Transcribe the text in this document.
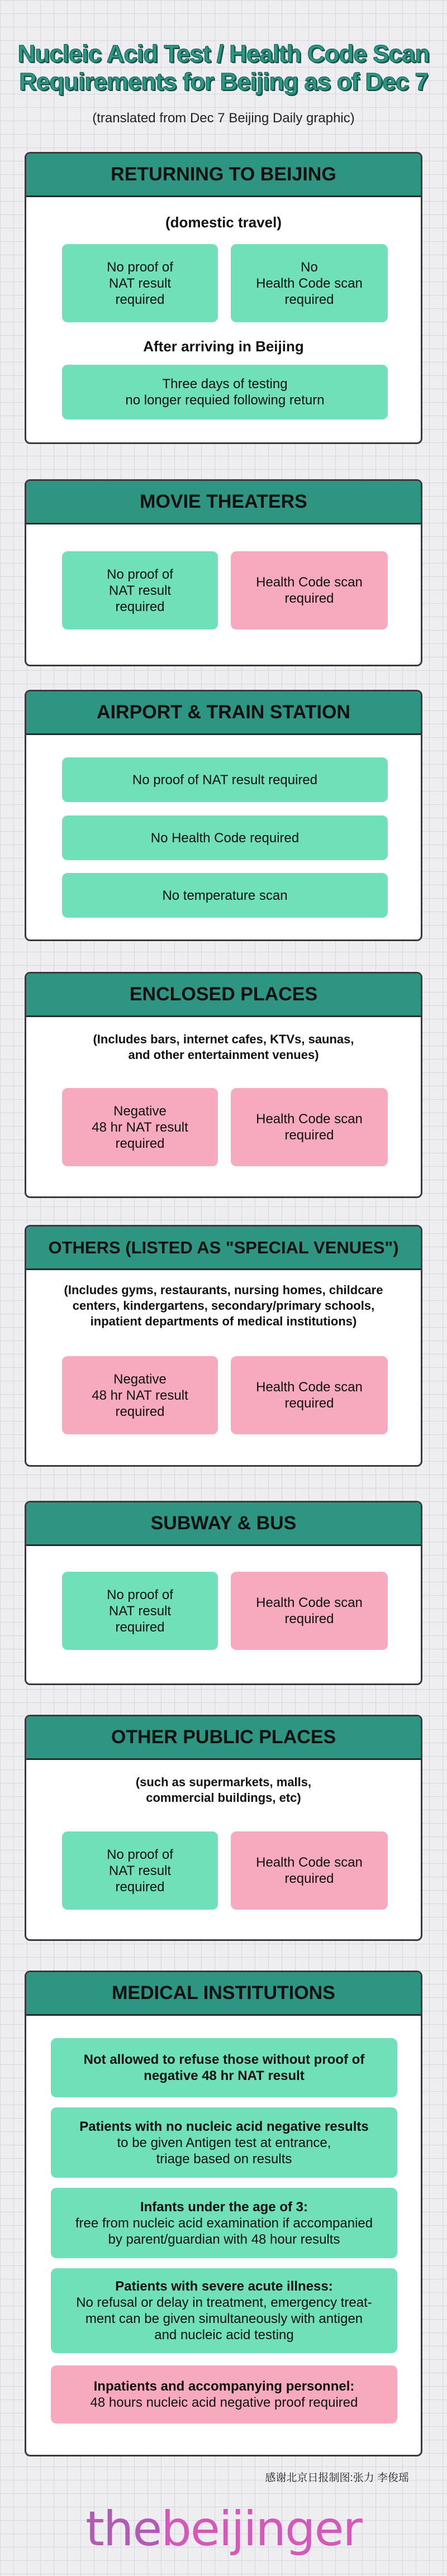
Nucleic Acid Test / Health Code Scan
Requirements for Beijing as of Dec 7
(translated from Dec 7 Beijing Daily graphic)
RETURNING TO BEIJING
(domestic travel)
No proof of
NAT result
required
No
Health Code scan
required
After arriving in Beijing
Three days of testing
no longer requied following return
MOVIE THEATERS
No proof of
NAT result
required
Health Code scan
required
AIRPORT & TRAIN STATION
No proof of NAT result required
No Health Code required
No temperature scan
ENCLOSED PLACES
(Includes bars, internet cafes, KTVs, saunas,
and other entertainment venues)
Negative
48 hr NAT result
required
Health Code scan
required
OTHERS (LISTED AS "SPECIAL VENUES")
(Includes gyms, restaurants, nursing homes, childcare
centers, kindergartens, secondary/primary schools,
inpatient departments of medical institutions)
Negative
48 hr NAT result
required
Health Code scan
required
SUBWAY & BUS
No proof of
NAT result
required
Health Code scan
required
OTHER PUBLIC PLACES
(such as supermarkets, malls,
commercial buildings, etc)
No proof of
NAT result
required
Health Code scan
required
MEDICAL INSTITUTIONS
Not allowed to refuse those without proof of
negative 48 hr NAT result
Patients with no nucleic acid negative results
to be given Antigen test at entrance,
triage based on results
Infants under the age of 3:
free from nucleic acid examination if accompanied
by parent/guardian with 48 hour results
Patients with severe acute illness:
No refusal or delay in treatment, emergency treat-
ment can be given simultaneously with antigen
and nucleic acid testing
Inpatients and accompanying personnel:
48 hours nucleic acid negative proof required
感谢北京日报制图:张力 李俊瑶
thebeijinger
